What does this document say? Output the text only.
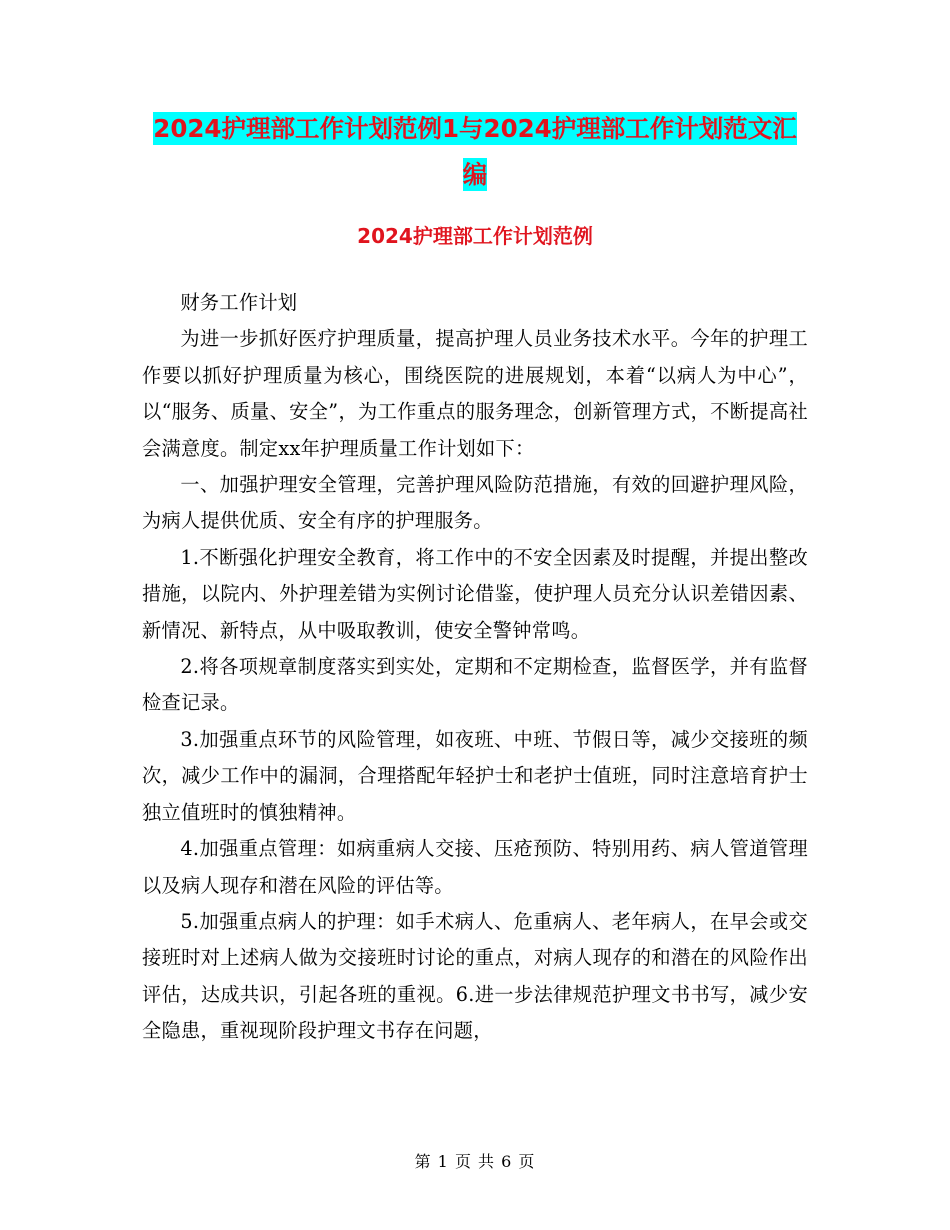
2024护理部工作计划范例1与2024护理部工作计划范文汇编
2024护理部工作计划范例

财务工作计划

为进一步抓好医疗护理质量，提高护理人员业务技术水平。今年的护理工作要以抓好护理质量为核心，围绕医院的进展规划，本着“以病人为中心”，以“服务、质量、安全”，为工作重点的服务理念，创新管理方式，不断提高社会满意度。制定xx年护理质量工作计划如下：

一、加强护理安全管理，完善护理风险防范措施，有效的回避护理风险，为病人提供优质、安全有序的护理服务。

1.不断强化护理安全教育，将工作中的不安全因素及时提醒，并提出整改措施，以院内、外护理差错为实例讨论借鉴，使护理人员充分认识差错因素、新情况、新特点，从中吸取教训，使安全警钟常鸣。

2.将各项规章制度落实到实处，定期和不定期检查，监督医学，并有监督检查记录。

3.加强重点环节的风险管理，如夜班、中班、节假日等，减少交接班的频次，减少工作中的漏洞，合理搭配年轻护士和老护士值班，同时注意培育护士独立值班时的慎独精神。

4.加强重点管理：如病重病人交接、压疮预防、特别用药、病人管道管理以及病人现存和潜在风险的评估等。

5.加强重点病人的护理：如手术病人、危重病人、老年病人，在早会或交接班时对上述病人做为交接班时讨论的重点，对病人现存的和潜在的风险作出评估，达成共识，引起各班的重视。6.进一步法律规范护理文书书写，减少安全隐患，重视现阶段护理文书存在问题，

第 1 页 共 6 页
